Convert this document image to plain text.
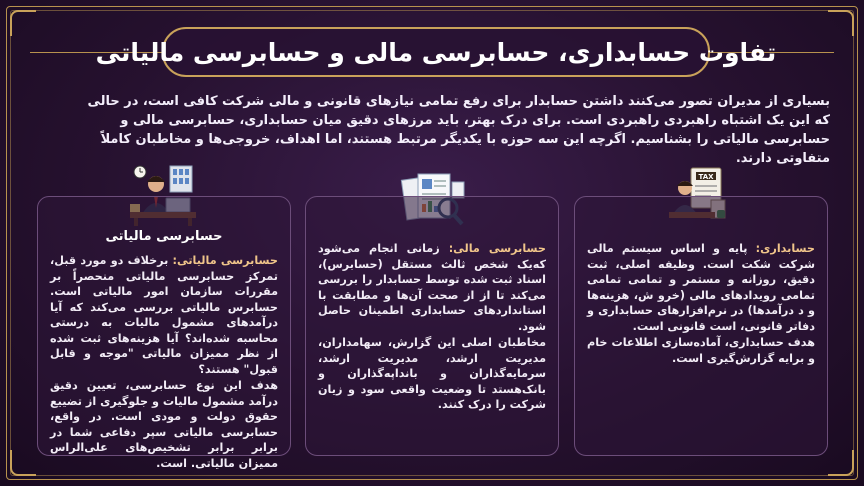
تفاوت حسابداری، حسابرسی مالی و حسابرسی مالیاتی

بسیاری از مدیران تصور می‌کنند داشتن حسابدار برای رفع تمامی نیازهای قانونی و مالی شرکت کافی است، در حالی که این یک اشتباه راهبردی راهبردی است. برای درک بهتر، باید مرزهای دقیق میان حسابداری، حسابرسی مالی و حسابرسی مالیاتی را بشناسیم. اگرچه این سه حوزه با یکدیگر مرتبط هستند، اما اهداف، خروجی‌ها و مخاطبان کاملاً متفاوتی دارند.

TAX

حسابداری: پایه و اساس سیستم مالی شرکت شکت است. وظیفه اصلی، ثبت دقیق، روزانه و مستمر و تمامی تمامی تمامی رویدادهای مالی (خرو ش، هزینه‌ها و د درآمدها) در نرم‌افزارهای حسابداری و دفاتر قانونی، است قانونی است.

هدف حسابداری، آماده‌سازی اطلاعات خام و برایه گزارش‌گیری است.

حسابرسی مالی: زمانی انجام می‌شود که‌یک شخص ثالث مستقل (حسابرس)، اسناد ثبت شده توسط حسابدار را بررسی می‌کند تا از از صحت آن‌ها و مطابقت با استانداردهای حسابداری اطمینان حاصل شود.

مخاطبان اصلی این گزارش، سهامداران، مدیریت ارشد، مدیریت ارشد، سرمایه‌گذاران و بانداپه‌گذاران و بانک‌هستد تا وضعیت واقعی سود و زیان شرکت را درک کنند.

حسابرسی مالیاتی

حسابرسی مالیاتی: برخلاف دو مورد قبل، تمرکز حسابرسی مالیاتی منحصراً بر مقررات سازمان امور مالیاتی است. حسابرس مالیاتی بررسی می‌کند که آیا درآمدهای مشمول مالیات به درستی محاسبه شده‌اند؟ آیا هزینه‌های ثبت شده از نظر ممیزان مالیاتی "موجه و قابل قبول" هستند؟

هدف این نوع حسابرسی، تعیین دقیق درآمد مشمول مالیات و جلوگیری از تضییع حقوق دولت و مودی است. در واقع، حسابرسی مالیاتی سپر دفاعی شما در برابر برابر تشخیص‌های علی‌الراس ممیزان مالیاتی. است.
